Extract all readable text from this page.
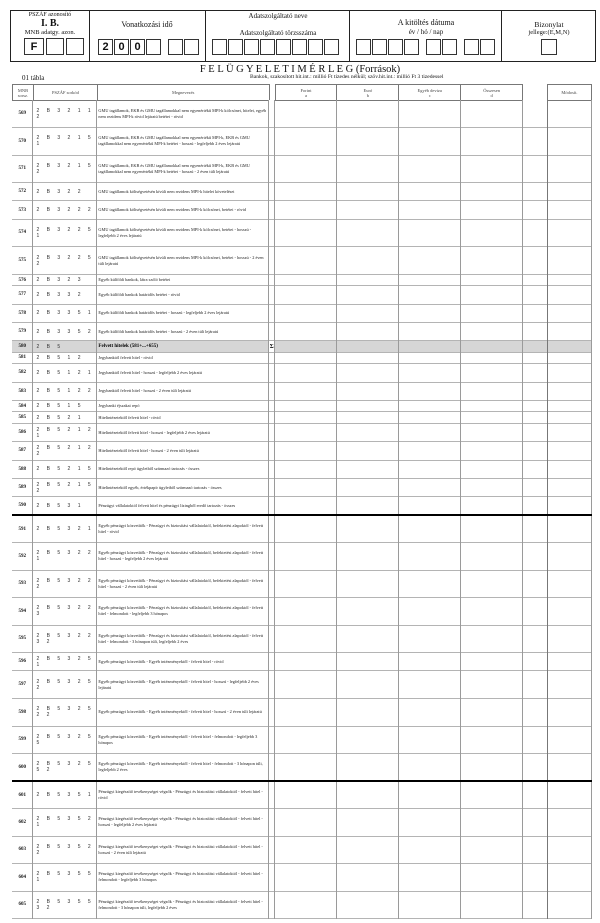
PSZÁF azonosító
I. B.
MNB adatgy. azon.
F
Vonatkozási idő
2 0 0
Adatszolgáltató neve
Adatszolgáltató törzsszáma
A kitöltés dátuma
év / hó / nap
Bizonylat
jellege:(E,M,N)
F E L Ü G Y E L E T I M É R L E G (Források)
01 tábla	Bankok, szakosított hit.int.: millió Ft tizedes nélkül; szöv.hit.int.: millió Ft 3 tizedessel
MNB sorsz.	PSZÁF sorkód	Megnevezés		Forint
a

Euró
b

Egyéb deviza
c

Összesen
d		Módosít.
569	2 B 3 2 1 1 2	GMU tagállamok, EKB és GMU tagállamokkal nem egyenértékű MPI-k kölcsönei, hitelei, egyéb nem rezidens MPI-k rövid lejáratú betétei - rövid							
570	2 B 3 2 1 5 1	GMU tagállamok, EKB és GMU tagállamokkal nem egyenértékű MPI-k, EKB és GMU tagállamokkal nem egyenértékű MPI-k betétei - hosszú - legfeljebb 2 éves lejáratú							
571	2 B 3 2 1 5 2	GMU tagállamok, EKB és GMU tagállamokkal nem egyenértékű MPI-k, EKB és GMU tagállamokkal nem egyenértékű MPI-k betétei - hosszú - 2 éven túli lejáratú							
572	2 B 3 2 2	GMU tagállamok költségvetésén kívüli nem rezidens MPI-k hitelei követelései							
573	2 B 3 2 2 2	GMU tagállamok költségvetésén kívüli nem rezidens MPI-k kölcsönei, betétei - rövid							
574	2 B 3 2 2 5 1	GMU tagállamok költségvetésén kívüli nem rezidens MPI-k kölcsönei, betétei - hosszú - legfeljebb 2 éves lejáratú							
575	2 B 3 2 2 5 2	GMU tagállamok költségvetésén kívüli nem rezidens MPI-k kölcsönei, betétei - hosszú - 2 éven túli lejáratú							
576	2 B 3 2 3	Egyéb külföldi bankok, látra szóló betétei							
577	2 B 3 3 2	Egyéb külföldi bankok határidős betétei - rövid							
578	2 B 3 3 5 1	Egyéb külföldi bankok határidős betétei - hosszú - legfeljebb 2 éves lejáratú							
579	2 B 3 3 5 2	Egyéb külföldi bankok határidős betétei - hosszú - 2 éven túli lejáratú							
580	2 B 5	Felvett hitelek (581+...+655)	Σ						
581	2 B 5 1 2	Jegybanktól felvett hitel - rövid							
582	2 B 5 1 2 1	Jegybanktól felvett hitel - hosszú - legfeljebb 2 éves lejáratú							
583	2 B 5 1 2 2	Jegybanktól felvett hitel - hosszú - 2 éven túli lejáratú							
584	2 B 5 1 5	Jegybanki éjszakai repó							
585	2 B 5 2 1	Hitelintézetektől felvett hitel - rövid							
586	2 B 5 2 1 2 1	Hitelintézetektől felvett hitel - hosszú - legfeljebb 2 éves lejáratú							
587	2 B 5 2 1 2 2	Hitelintézetektől felvett hitel - hosszú - 2 éven túli lejáratú							
588	2 B 5 2 1 5	Hitelintézetektől repó ügyletből származó tartozás - összes							
589	2 B 5 2 1 5 2	Hitelintézetektől egyéb, értékpapír ügyletből származó tartozás - összes							
590	2 B 5 3 1	Pénzügyi vállalatoktól felvett hitel és pénzügyi lízingből eredő tartozás - összes							
591	2 B 5 3 2 1	Egyéb pénzügyi közvetítők - Pénzügyi és biztosítási vállalatoktól, befektetési alapoktól - felvett hitel - rövid							
592	2 B 5 3 2 2 1	Egyéb pénzügyi közvetítők - Pénzügyi és biztosítási vállalatoktól, befektetési alapoktól - felvett hitel - hosszú - legfeljebb 2 éves lejáratú							
593	2 B 5 3 2 2 2	Egyéb pénzügyi közvetítők - Pénzügyi és biztosítási vállalatoktól, befektetési alapoktól - felvett hitel - hosszú - 2 éven túli lejáratú							
594	2 B 5 3 2 2 3	Egyéb pénzügyi közvetítők - Pénzügyi és biztosítási vállalatoktól, befektetési alapoktól - felvett hitel - felmondott - legfeljebb 3 hónapos							
595	2 B 5 3 2 2 3 2	Egyéb pénzügyi közvetítők - Pénzügyi és biztosítási vállalatoktól, befektetési alapoktól - felvett hitel - felmondott - 3 hónapon túli, legfeljebb 2 éves							
596	2 B 5 3 2 5 1	Egyéb pénzügyi közvetítők - Egyéb intézményektől - felvett hitel - rövid							
597	2 B 5 3 2 5 2	Egyéb pénzügyi közvetítők - Egyéb intézményektől - felvett hitel - hosszú - legfeljebb 2 éves lejáratú							
598	2 B 5 3 2 5 2 2	Egyéb pénzügyi közvetítők - Egyéb intézményektől - felvett hitel - hosszú - 2 éven túli lejáratú							
599	2 B 5 3 2 5 5	Egyéb pénzügyi közvetítők - Egyéb intézményektől - felvett hitel - felmondott - legfeljebb 3 hónapos							
600	2 B 5 3 2 5 5 2	Egyéb pénzügyi közvetítők - Egyéb intézményektől - felvett hitel - felmondott - 3 hónapon túli, legfeljebb 2 éves							
601	2 B 5 3 5 1	Pénzügyi kiegészítő tevékenységet végzők - Pénzügyi és biztosítási vállalatoktól - felvett hitel - rövid							
602	2 B 5 3 5 2 1	Pénzügyi kiegészítő tevékenységet végzők - Pénzügyi és biztosítási vállalatoktól - felvett hitel - hosszú - legfeljebb 2 éves lejáratú							
603	2 B 5 3 5 2 2	Pénzügyi kiegészítő tevékenységet végzők - Pénzügyi és biztosítási vállalatoktól - felvett hitel - hosszú - 2 éven túli lejáratú							
604	2 B 5 3 5 5 1	Pénzügyi kiegészítő tevékenységet végzők - Pénzügyi és biztosítási vállalatoktól - felvett hitel - felmondott - legfeljebb 3 hónapos							
605	2 B 5 3 5 5 3 2	Pénzügyi kiegészítő tevékenységet végzők - Pénzügyi és biztosítási vállalatoktól - felvett hitel - felmondott - 3 hónapon túli, legfeljebb 2 éves							
